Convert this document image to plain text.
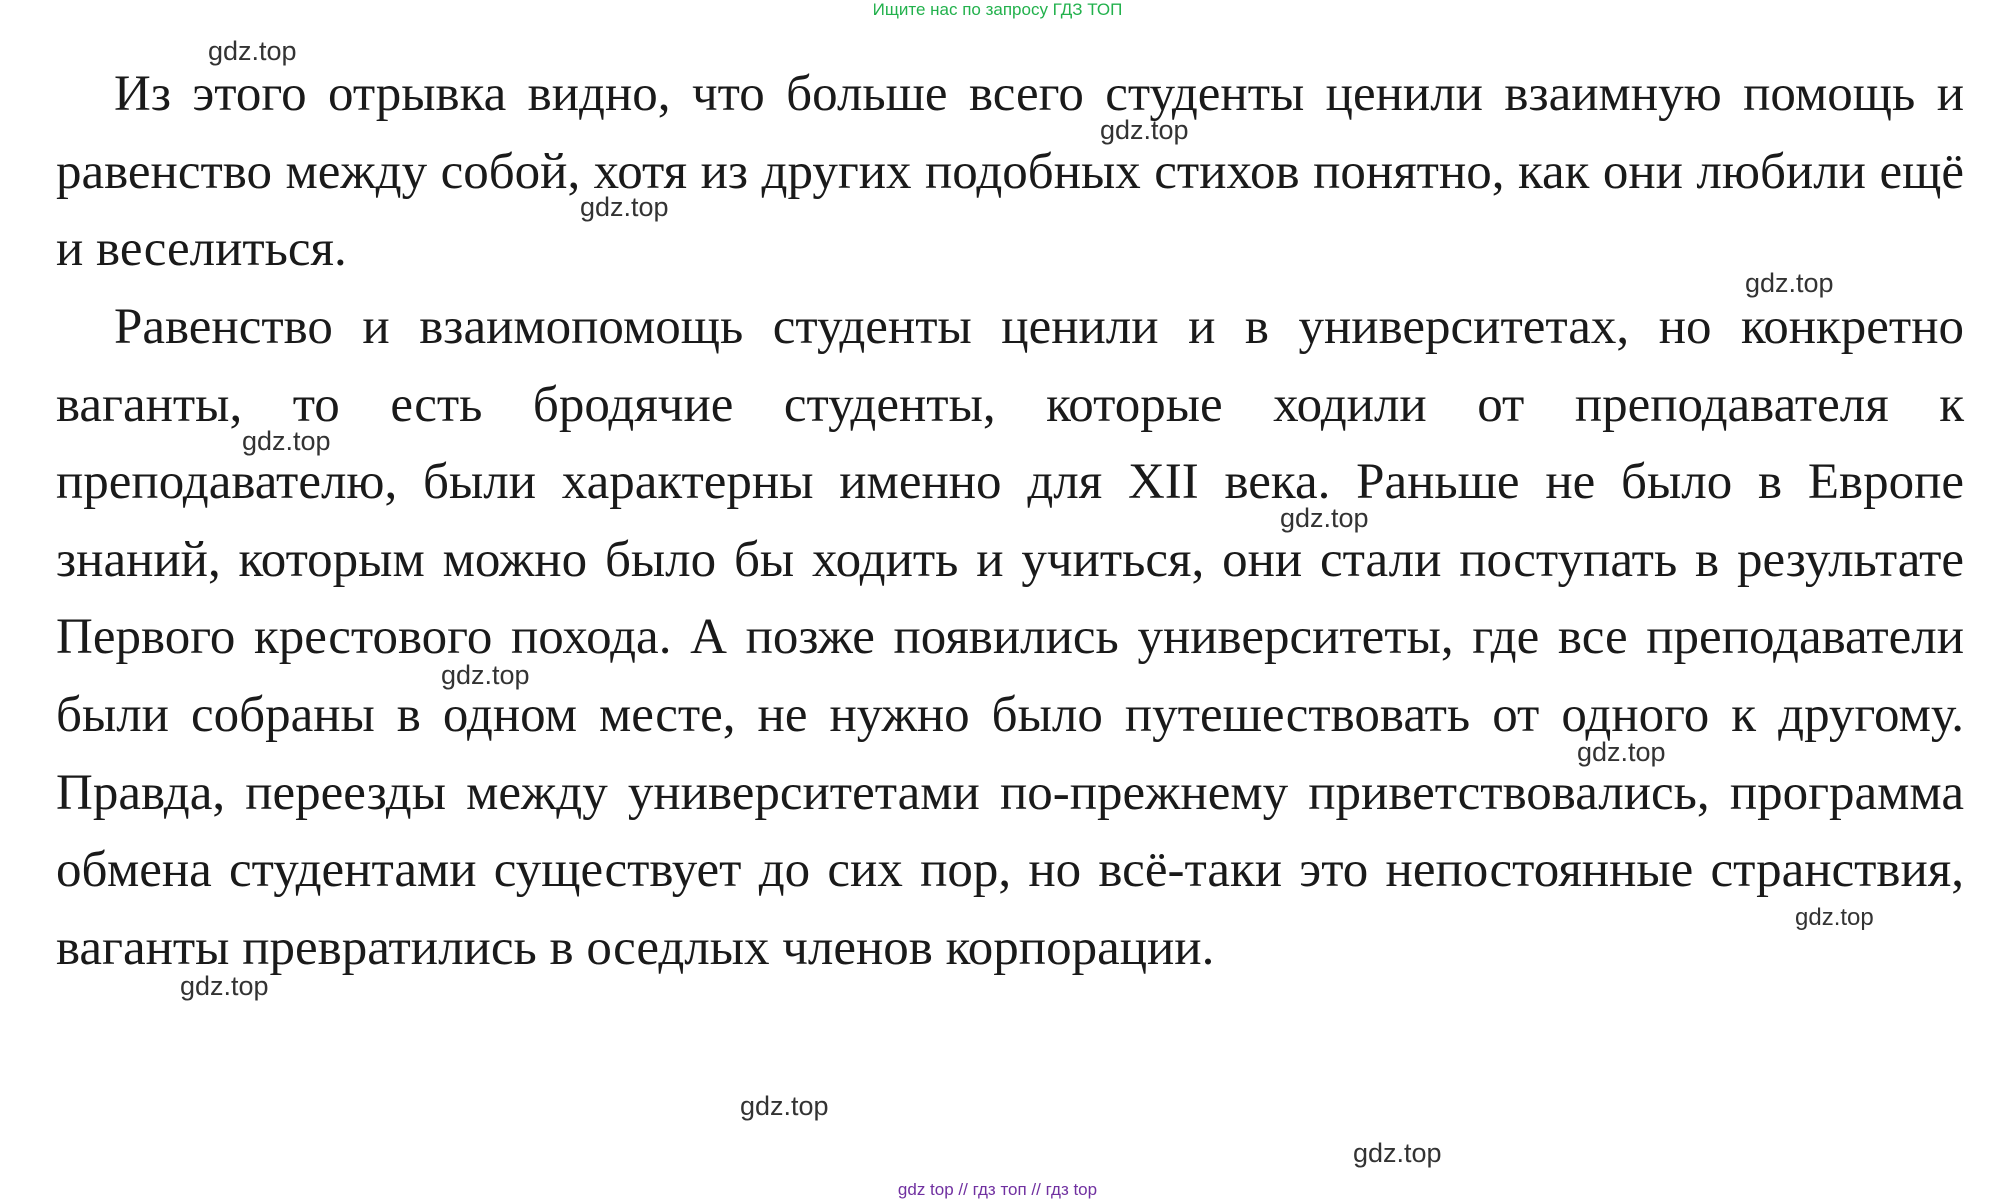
Ищите нас по запросу ГДЗ ТОП

Из этого отрывка видно, что больше всего студенты ценили взаимную помощь и равенство между собой, хотя из других подобных стихов понятно, как они любили ещё и веселиться.

Равенство и взаимопомощь студенты ценили и в университетах, но конкретно ваганты, то есть бродячие студенты, которые ходили от преподавателя к преподавателю, были характерны именно для XII века. Раньше не было в Европе знаний, которым можно было бы ходить и учиться, они стали поступать в результате Первого крестового похода. А позже появились университеты, где все преподаватели были собраны в одном месте, не нужно было путешествовать от одного к другому. Правда, переезды между университетами по-прежнему приветствовались, программа обмена студентами существует до сих пор, но всё-таки это непостоянные странствия, ваганты превратились в оседлых членов корпорации.

gdz.top
gdz.top
gdz.top
gdz.top
gdz.top
gdz.top
gdz.top
gdz.top
gdz.top
gdz.top
gdz.top
gdz.top
gdz top // гдз топ // гдз top
